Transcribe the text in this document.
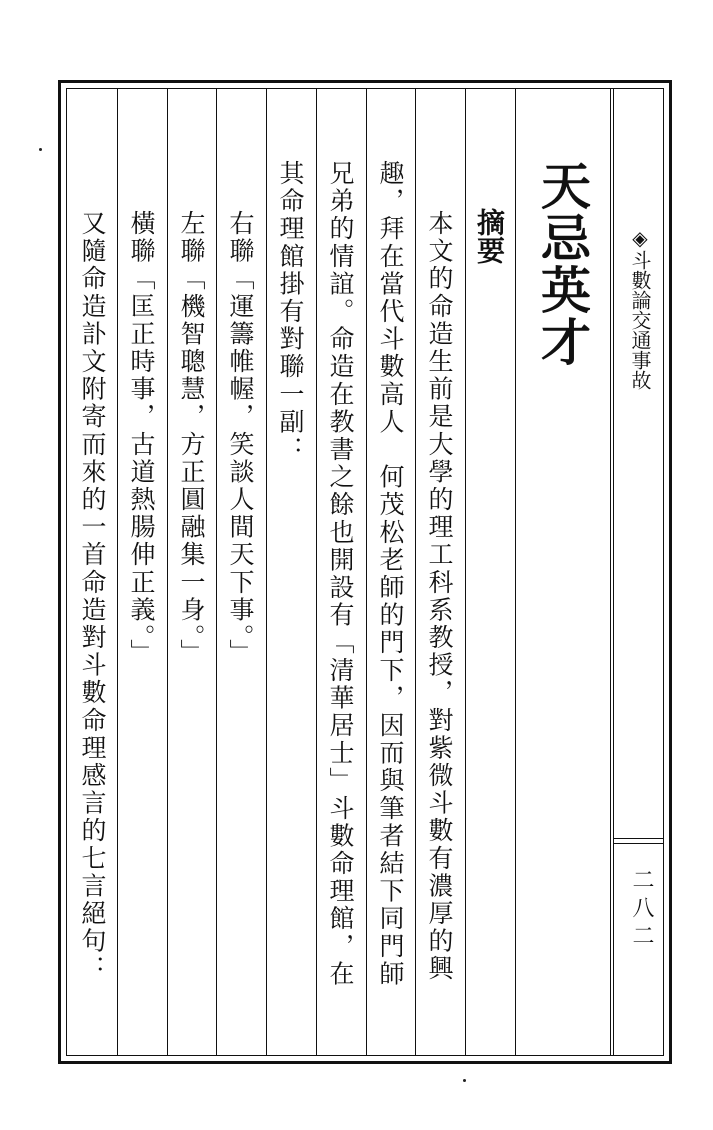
◈斗數論交通事故
二八二
天忌英才
摘要
本文的命造生前是大學的理工科系教授，對紫微斗數有濃厚的興
趣，拜在當代斗數高人　何茂松老師的門下，因而與筆者結下同門師
兄弟的情誼。命造在教書之餘也開設有「清華居士」斗數命理館，在
其命理館掛有對聯一副：
右聯「運籌帷幄，笑談人間天下事。」
左聯「機智聰慧，方正圓融集一身。」
橫聯「匡正時事，古道熱腸伸正義。」
又隨命造訃文附寄而來的一首命造對斗數命理感言的七言絕句：
